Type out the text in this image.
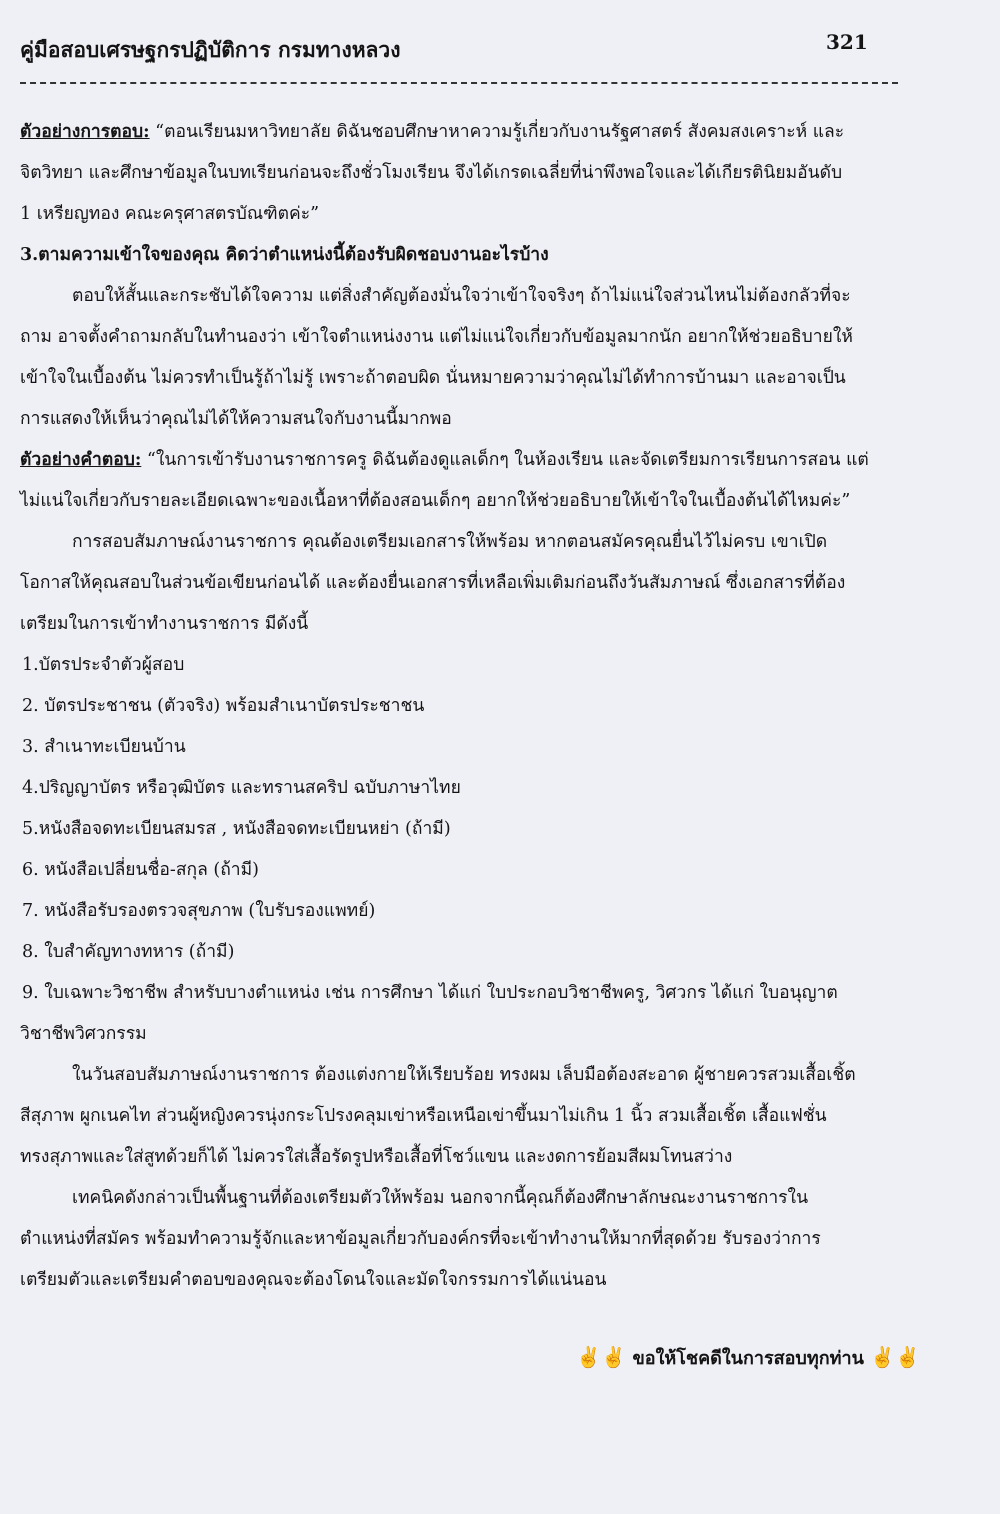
คู่มือสอบเศรษฐกรปฏิบัติการ กรมทางหลวง	321

ตัวอย่างการตอบ: “ตอนเรียนมหาวิทยาลัย ดิฉันชอบศึกษาหาความรู้เกี่ยวกับงานรัฐศาสตร์ สังคมสงเคราะห์ และ

จิตวิทยา และศึกษาข้อมูลในบทเรียนก่อนจะถึงชั่วโมงเรียน จึงได้เกรดเฉลี่ยที่น่าพึงพอใจและได้เกียรตินิยมอันดับ

1 เหรียญทอง คณะครุศาสตรบัณฑิตค่ะ”

3.ตามความเข้าใจของคุณ คิดว่าตำแหน่งนี้ต้องรับผิดชอบงานอะไรบ้าง

ตอบให้สั้นและกระชับได้ใจความ แต่สิ่งสำคัญต้องมั่นใจว่าเข้าใจจริงๆ ถ้าไม่แน่ใจส่วนไหนไม่ต้องกลัวที่จะ

ถาม อาจตั้งคำถามกลับในทำนองว่า เข้าใจตำแหน่งงาน แต่ไม่แน่ใจเกี่ยวกับข้อมูลมากนัก อยากให้ช่วยอธิบายให้

เข้าใจในเบื้องต้น ไม่ควรทำเป็นรู้ถ้าไม่รู้ เพราะถ้าตอบผิด นั่นหมายความว่าคุณไม่ได้ทำการบ้านมา และอาจเป็น

การแสดงให้เห็นว่าคุณไม่ได้ให้ความสนใจกับงานนี้มากพอ

ตัวอย่างคำตอบ: “ในการเข้ารับงานราชการครู ดิฉันต้องดูแลเด็กๆ ในห้องเรียน และจัดเตรียมการเรียนการสอน แต่

ไม่แน่ใจเกี่ยวกับรายละเอียดเฉพาะของเนื้อหาที่ต้องสอนเด็กๆ อยากให้ช่วยอธิบายให้เข้าใจในเบื้องต้นได้ไหมค่ะ”

การสอบสัมภาษณ์งานราชการ คุณต้องเตรียมเอกสารให้พร้อม หากตอนสมัครคุณยื่นไว้ไม่ครบ เขาเปิด

โอกาสให้คุณสอบในส่วนข้อเขียนก่อนได้ และต้องยื่นเอกสารที่เหลือเพิ่มเติมก่อนถึงวันสัมภาษณ์ ซึ่งเอกสารที่ต้อง

เตรียมในการเข้าทำงานราชการ มีดังนี้

1.บัตรประจำตัวผู้สอบ

2. บัตรประชาชน (ตัวจริง) พร้อมสำเนาบัตรประชาชน

3. สำเนาทะเบียนบ้าน

4.ปริญญาบัตร หรือวุฒิบัตร และทรานสคริป ฉบับภาษาไทย

5.หนังสือจดทะเบียนสมรส , หนังสือจดทะเบียนหย่า (ถ้ามี)

6. หนังสือเปลี่ยนชื่อ-สกุล (ถ้ามี)

7. หนังสือรับรองตรวจสุขภาพ (ใบรับรองแพทย์)

8. ใบสำคัญทางทหาร (ถ้ามี)

9. ใบเฉพาะวิชาชีพ สำหรับบางตำแหน่ง เช่น การศึกษา ได้แก่ ใบประกอบวิชาชีพครู, วิศวกร ได้แก่ ใบอนุญาต

วิชาชีพวิศวกรรม

ในวันสอบสัมภาษณ์งานราชการ ต้องแต่งกายให้เรียบร้อย ทรงผม เล็บมือต้องสะอาด ผู้ชายควรสวมเสื้อเชิ้ต

สีสุภาพ ผูกเนคไท ส่วนผู้หญิงควรนุ่งกระโปรงคลุมเข่าหรือเหนือเข่าขึ้นมาไม่เกิน 1 นิ้ว สวมเสื้อเชิ้ต เสื้อแฟชั่น

ทรงสุภาพและใส่สูทด้วยก็ได้ ไม่ควรใส่เสื้อรัดรูปหรือเสื้อที่โชว์แขน และงดการย้อมสีผมโทนสว่าง

เทคนิคดังกล่าวเป็นพื้นฐานที่ต้องเตรียมตัวให้พร้อม นอกจากนี้คุณก็ต้องศึกษาลักษณะงานราชการใน

ตำแหน่งที่สมัคร พร้อมทำความรู้จักและหาข้อมูลเกี่ยวกับองค์กรที่จะเข้าทำงานให้มากที่สุดด้วย รับรองว่าการ

เตรียมตัวและเตรียมคำตอบของคุณจะต้องโดนใจและมัดใจกรรมการได้แน่นอน

✌✌ ขอให้โชคดีในการสอบทุกท่าน ✌✌
